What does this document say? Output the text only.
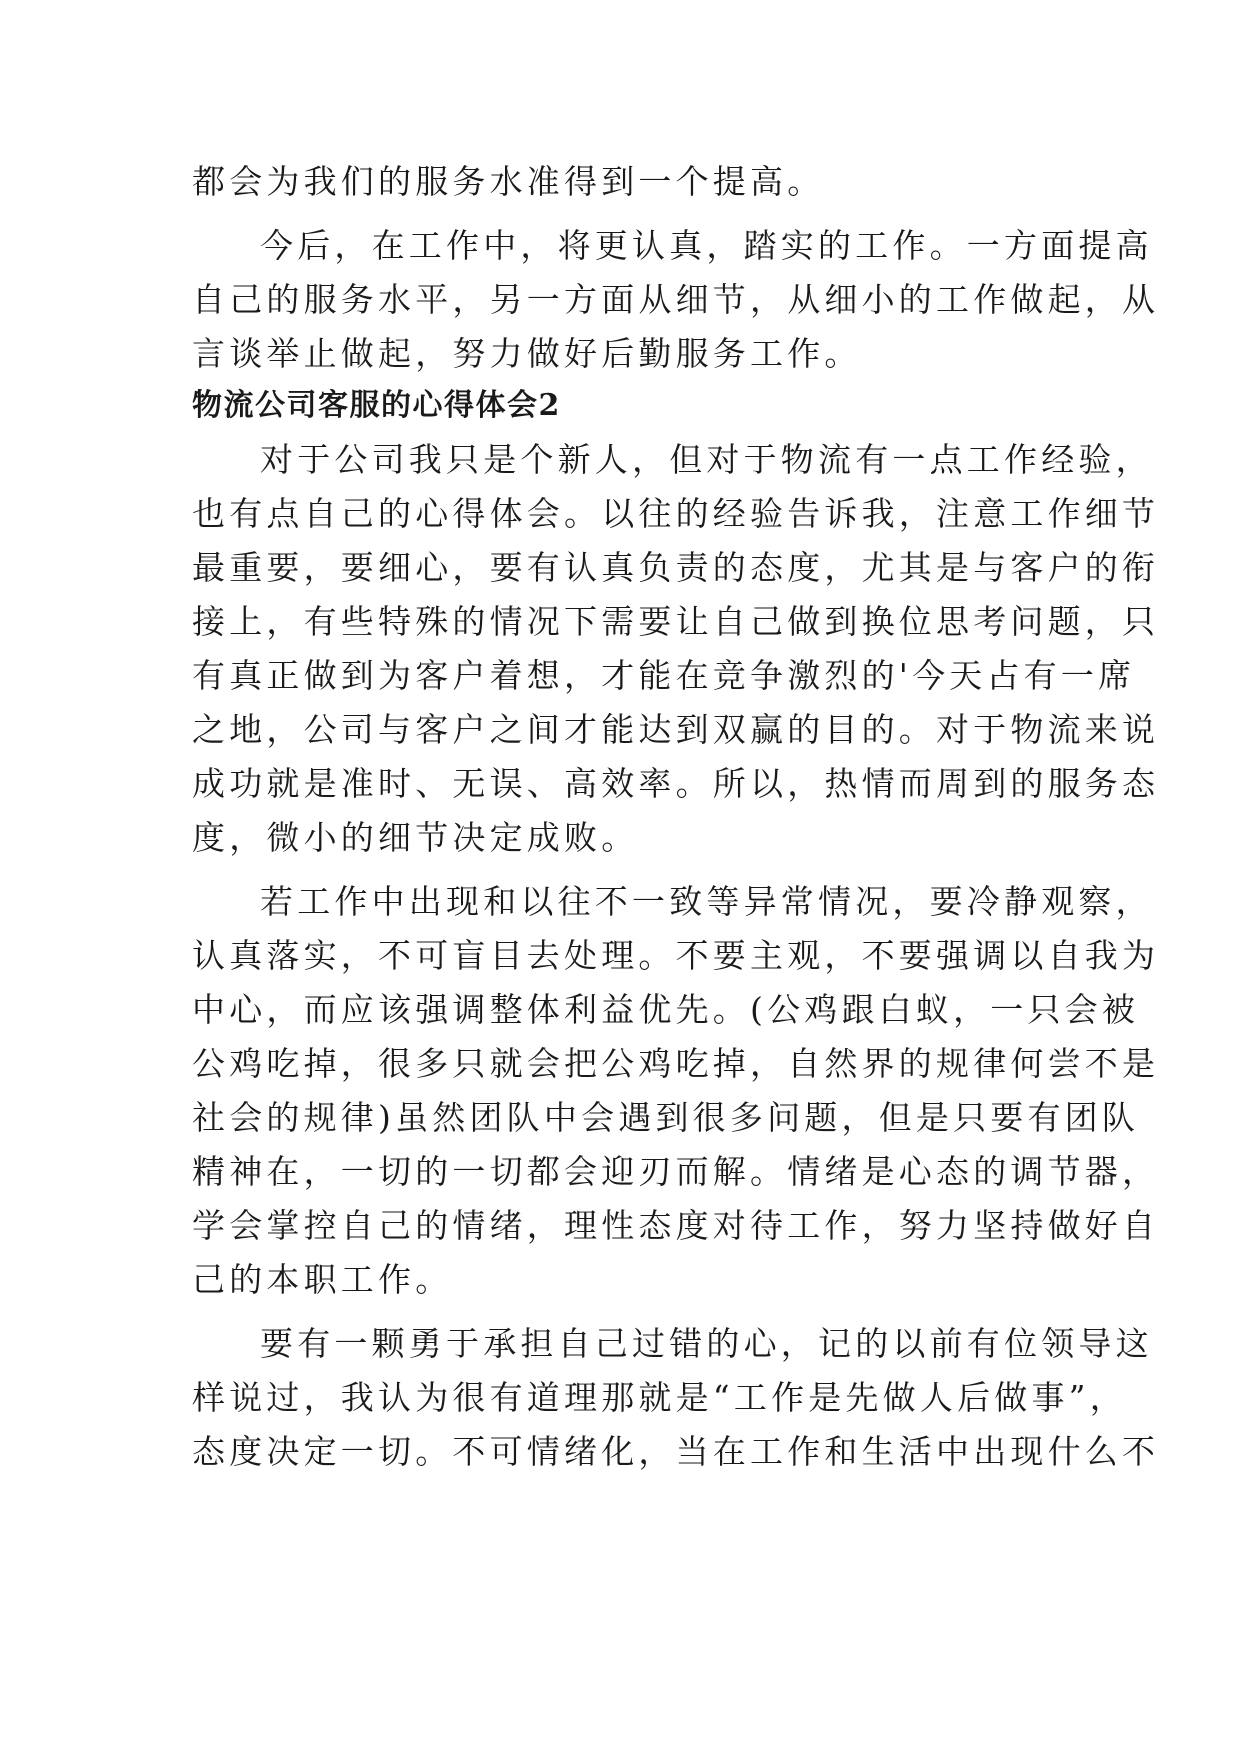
都会为我们的服务水准得到一个提高。

今后，在工作中，将更认真，踏实的工作。一方面提高

自己的服务水平，另一方面从细节，从细小的工作做起，从

言谈举止做起，努力做好后勤服务工作。

物流公司客服的心得体会2

对于公司我只是个新人，但对于物流有一点工作经验，

也有点自己的心得体会。以往的经验告诉我，注意工作细节

最重要，要细心，要有认真负责的态度，尤其是与客户的衔

接上，有些特殊的情况下需要让自己做到换位思考问题，只

有真正做到为客户着想，才能在竞争激烈的'今天占有一席

之地，公司与客户之间才能达到双赢的目的。对于物流来说

成功就是准时、无误、高效率。所以，热情而周到的服务态

度，微小的细节决定成败。

若工作中出现和以往不一致等异常情况，要冷静观察，

认真落实，不可盲目去处理。不要主观，不要强调以自我为

中心，而应该强调整体利益优先。(公鸡跟白蚁，一只会被

公鸡吃掉，很多只就会把公鸡吃掉，自然界的规律何尝不是

社会的规律)虽然团队中会遇到很多问题，但是只要有团队

精神在，一切的一切都会迎刃而解。情绪是心态的调节器，

学会掌控自己的情绪，理性态度对待工作，努力坚持做好自

己的本职工作。

要有一颗勇于承担自己过错的心，记的以前有位领导这

样说过，我认为很有道理那就是“工作是先做人后做事”，

态度决定一切。不可情绪化，当在工作和生活中出现什么不
